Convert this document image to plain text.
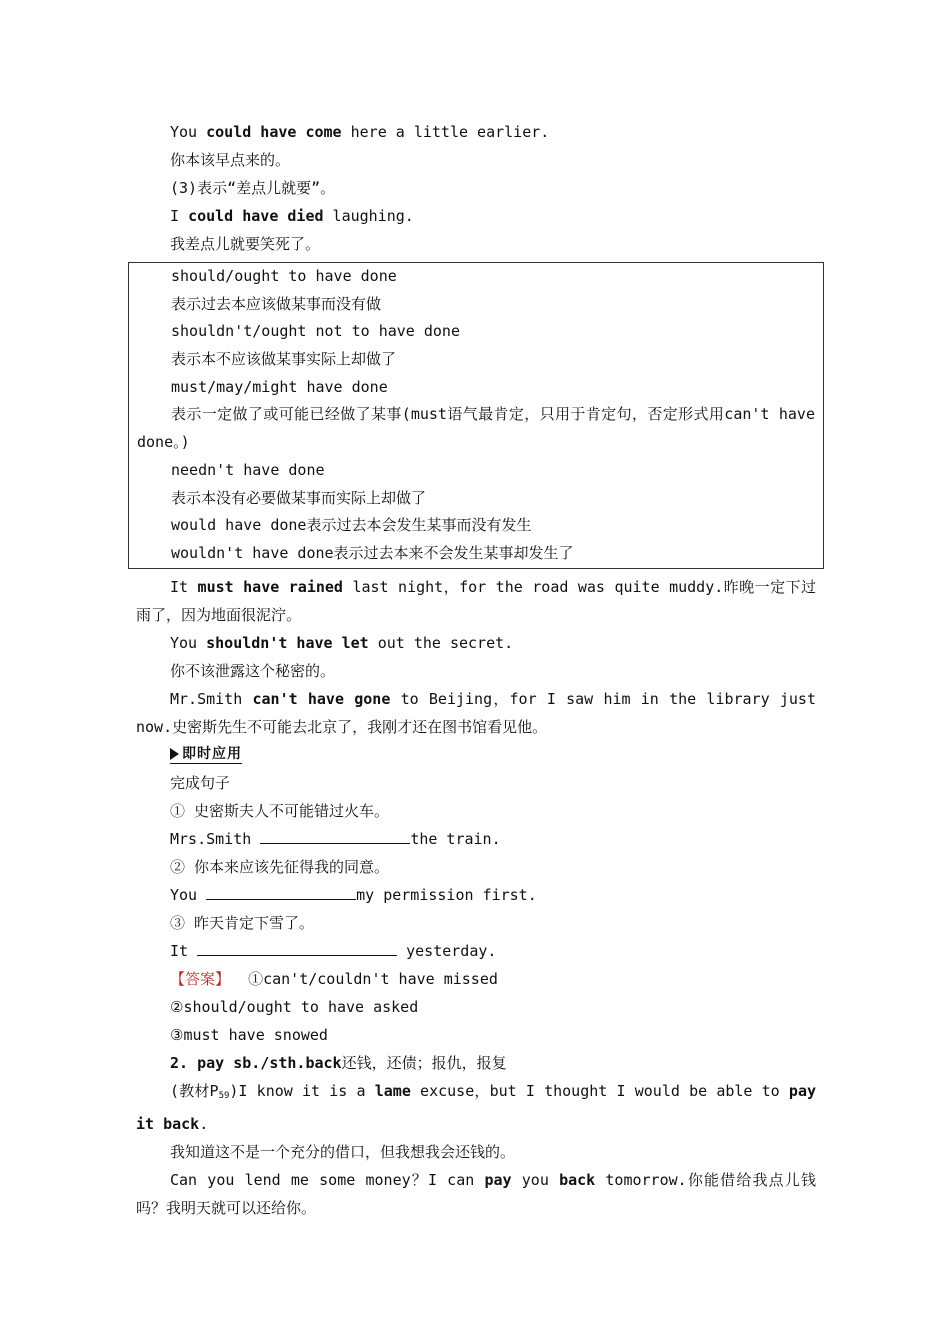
You could have come here a little earlier.
你本该早点来的。
(3)表示“差点儿就要”。
I could have died laughing.
我差点儿就要笑死了。
should/ought to have done
表示过去本应该做某事而没有做
shouldn't/ought not to have done
表示本不应该做某事实际上却做了
must/may/might have done
表示一定做了或可能已经做了某事(must语气最肯定，只用于肯定句，否定形式用can't have done。)
needn't have done
表示本没有必要做某事而实际上却做了
would have done表示过去本会发生某事而没有发生
wouldn't have done表示过去本来不会发生某事却发生了
It must have rained last night，for the road was quite muddy.昨晚一定下过雨了，因为地面很泥泞。
You shouldn't have let out the secret.
你不该泄露这个秘密的。
Mr.Smith can't have gone to Beijing，for I saw him in the library just now.史密斯先生不可能去北京了，我刚才还在图书馆看见他。
即时应用
完成句子
① 史密斯夫人不可能错过火车。
Mrs.Smith	the train.
② 你本来应该先征得我的同意。
You	my permission first.
③ 昨天肯定下雪了。
It	yesterday.
【答案】 ①can't/couldn't have missed
②should/ought to have asked
③must have snowed
2. pay sb./sth.back还钱，还债；报仇，报复
(教材$P_{59})I$ know it is a lame excuse，but I thought I would be able to pay it back.
我知道这不是一个充分的借口，但我想我会还钱的。
Can you lend me some money？I can pay you back tomorrow.你能借给我点儿钱吗？我明天就可以还给你。
